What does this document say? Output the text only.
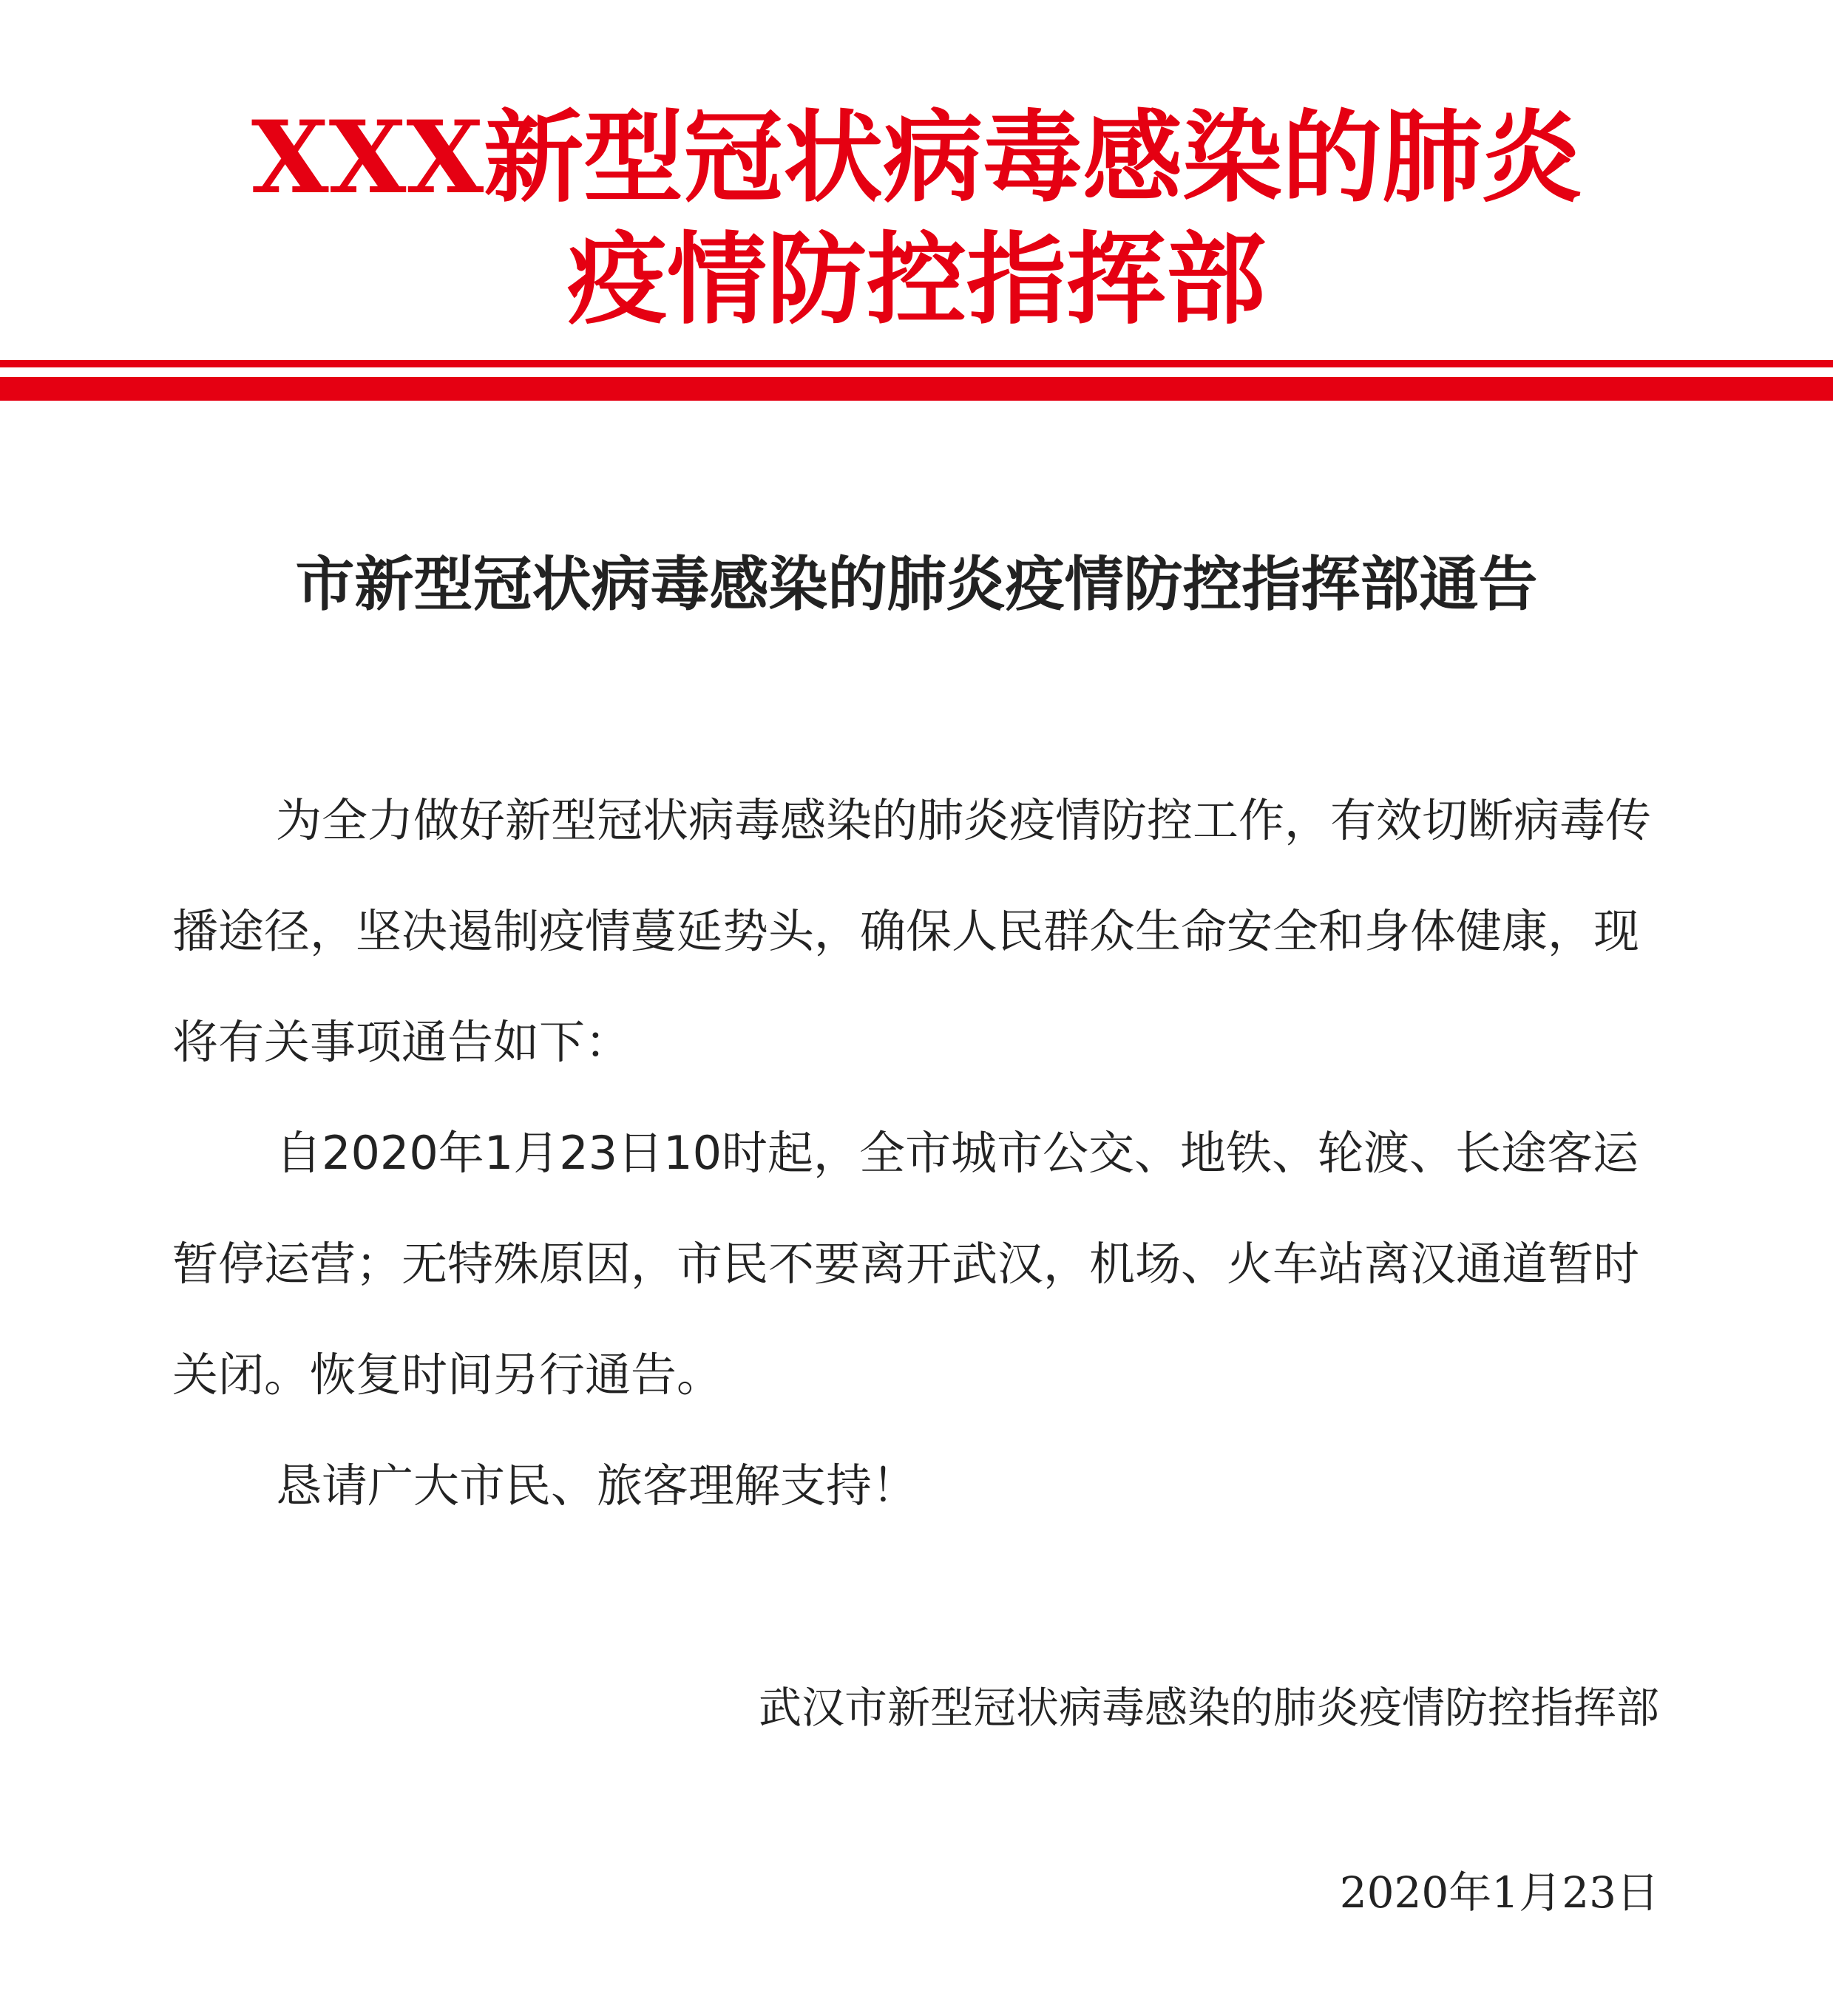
XXX新型冠状病毒感染的肺炎
疫情防控指挥部
市新型冠状病毒感染的肺炎疫情防控指挥部通告

为全力做好新型冠状病毒感染的肺炎疫情防控工作，有效切断病毒传播途径，坚决遏制疫情蔓延势头，确保人民群众生命安全和身体健康，现将有关事项通告如下：

自2020年1月23日10时起，全市城市公交、地铁、轮渡、长途客运暂停运营；无特殊原因，市民不要离开武汉，机场、火车站离汉通道暂时关闭。恢复时间另行通告。

恳请广大市民、旅客理解支持！

武汉市新型冠状病毒感染的肺炎疫情防控指挥部
2020年1月23日
